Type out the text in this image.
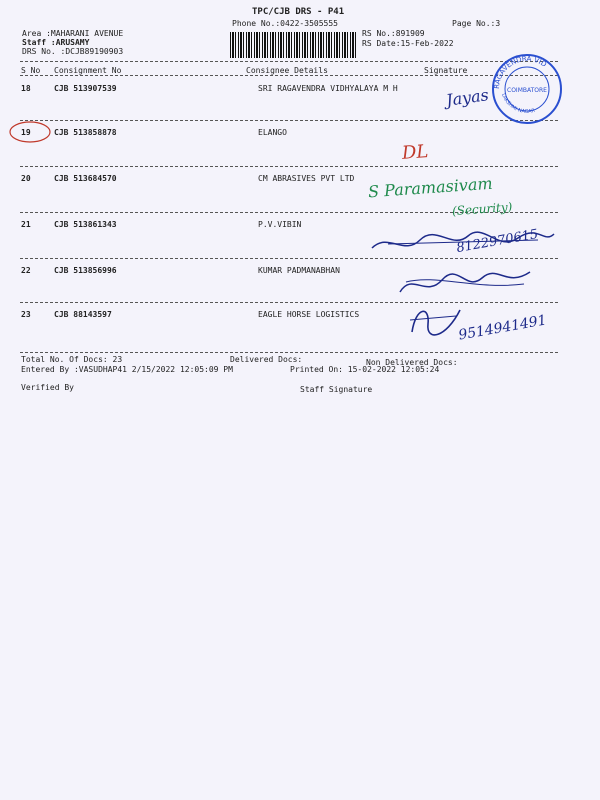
TPC/CJB DRS - P41
Phone No.:0422-3505555	Page No.:3
Area :MAHARANI AVENUE
Staff :ARUSAMY
DRS No. :DCJB89190903
RS No.:891909
RS Date:15-Feb-2022
S No Consignment No	Consignee Details	Signature
18	CJB 513907539	SRI RAGAVENDRA VIDHYALAYA M H
19	CJB 513858878	ELANGO
20	CJB 513684570	CM ABRASIVES PVT LTD
21	CJB 513861343	P.V.VIBIN
22	CJB 513856996	KUMAR PADMANABHAN
23	CJB 88143597	EAGLE HORSE LOGISTICS
Total No. Of Docs: 23	Delivered Docs:	Non Delivered Docs:
Entered By :VASUDHAP41 2/15/2022 12:05:09 PM	Printed On: 15-02-2022 12:05:24
Verified By	Staff Signature
RAGAVENDRA VID
COIMBATORE
LAKSHMI NAGAR
Jayas
DL
S Paramasivam
(Security)
8122970615
9514941491
